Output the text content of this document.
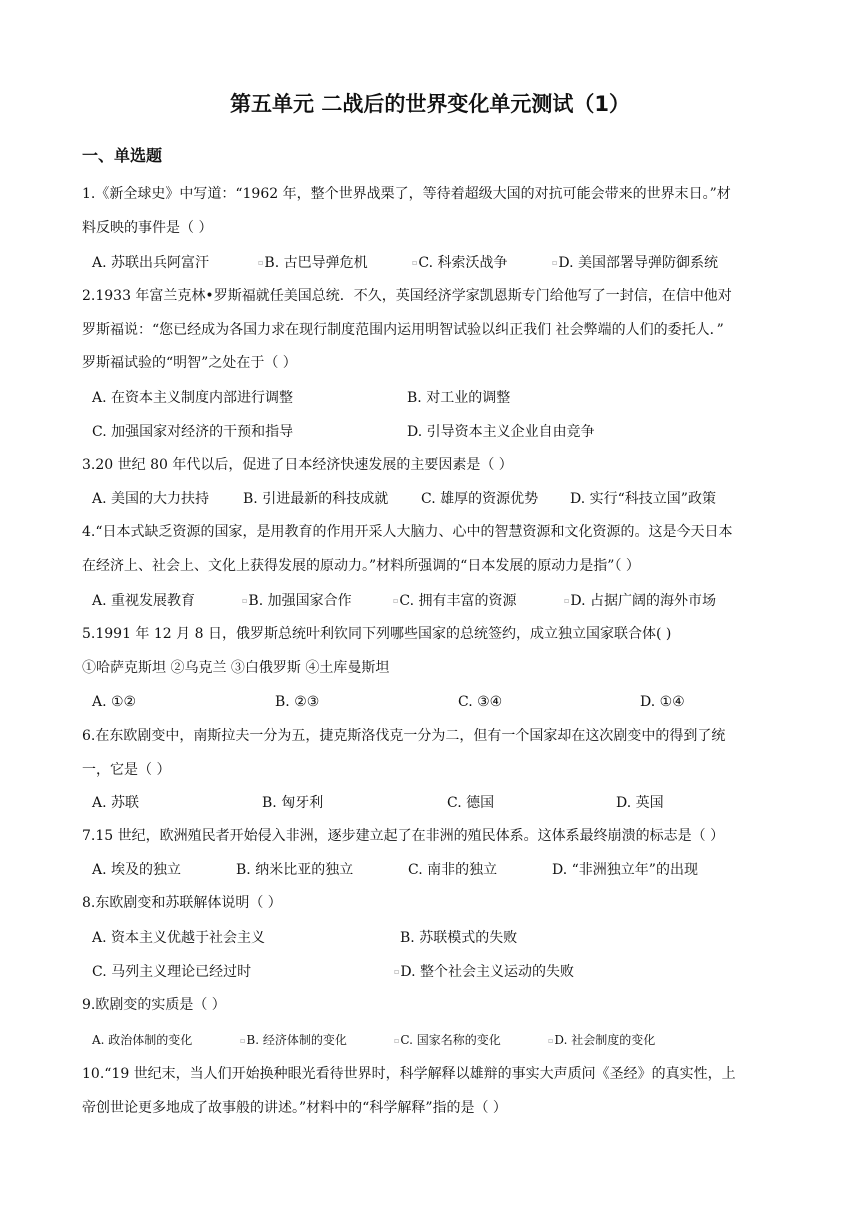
第五单元 二战后的世界变化单元测试（1）
一、单选题
1.《新全球史》中写道：“1962 年，整个世界战栗了，等待着超级大国的对抗可能会带来的世界末日。”材
料反映的事件是（ ）
A. 苏联出兵阿富汗	▫B. 古巴导弹危机	▫C. 科索沃战争	▫D. 美国部署导弹防御系统
2.1933 年富兰克林•罗斯福就任美国总统．不久，英国经济学家凯恩斯专门给他写了一封信，在信中他对
罗斯福说：“您已经成为各国力求在现行制度范围内运用明智试验以纠正我们 社会弊端的人们的委托人．”
罗斯福试验的“明智”之处在于（ ）
A. 在资本主义制度内部进行调整	B. 对工业的调整
C. 加强国家对经济的干预和指导	D. 引导资本主义企业自由竞争
3.20 世纪 80 年代以后，促进了日本经济快速发展的主要因素是（ ）
A. 美国的大力扶持 B. 引进最新的科技成就 C. 雄厚的资源优势 D. 实行“科技立国”政策
4.“日本式缺乏资源的国家，是用教育的作用开采人大脑力、心中的智慧资源和文化资源的。这是今天日本
在经济上、社会上、文化上获得发展的原动力。”材料所强调的“日本发展的原动力是指”（ ）
A. 重视发展教育	▫B. 加强国家合作	▫C. 拥有丰富的资源	▫D. 占据广阔的海外市场
5.1991 年 12 月 8 日，俄罗斯总统叶利钦同下列哪些国家的总统签约，成立独立国家联合体( )
①哈萨克斯坦 ②乌克兰 ③白俄罗斯 ④土库曼斯坦
A. ①②	B. ②③	C. ③④	D. ①④
6.在东欧剧变中，南斯拉夫一分为五，捷克斯洛伐克一分为二，但有一个国家却在这次剧变中的得到了统
一，它是（ ）
A. 苏联	B. 匈牙利	C. 德国	D. 英国
7.15 世纪，欧洲殖民者开始侵入非洲，逐步建立起了在非洲的殖民体系。这体系最终崩溃的标志是（ ）
A. 埃及的独立	B. 纳米比亚的独立	C. 南非的独立	D. “非洲独立年”的出现
8.东欧剧变和苏联解体说明（ ）
A. 资本主义优越于社会主义	B. 苏联模式的失败
C. 马列主义理论已经过时	▫D. 整个社会主义运动的失败
9.欧剧变的实质是（ ）
A. 政治体制的变化	▫B. 经济体制的变化	▫C. 国家名称的变化	▫D. 社会制度的变化
10.“19 世纪末，当人们开始换种眼光看待世界时，科学解释以雄辩的事实大声质问《圣经》的真实性，上
帝创世论更多地成了故事般的讲述。”材料中的“科学解释”指的是（ ）
